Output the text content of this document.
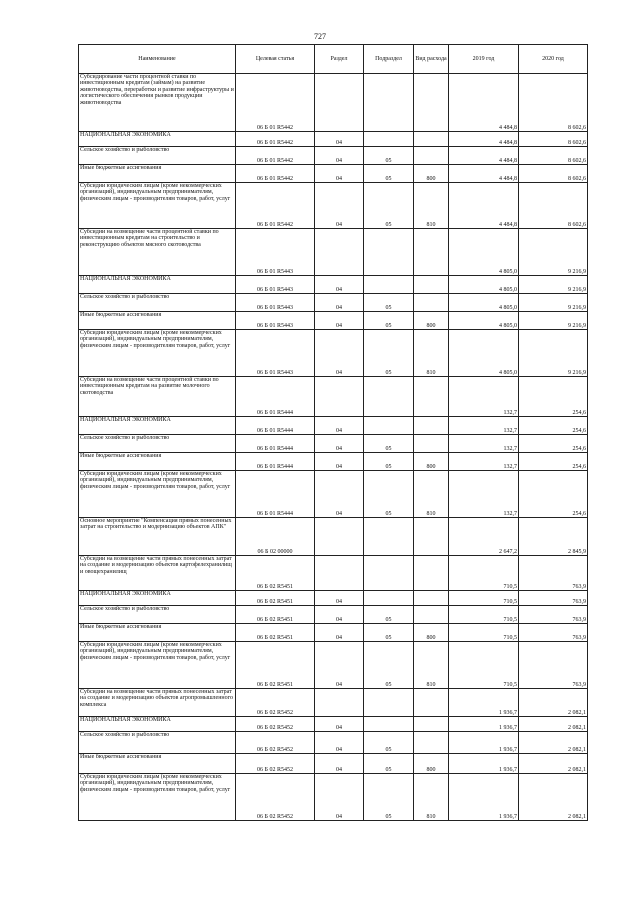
727
Наименование	Целевая статья	Раздел	Подраздел	Вид расхода	2019 год	2020 год
Субсидирование части процентной ставки по инвестиционным кредитам (займам) на развитие животноводства, переработки и развитие инфраструктуры и логистического обеспечения рынков продукции животноводства	06 Б 01 R5442				4 484,8	8 602,6
НАЦИОНАЛЬНАЯ ЭКОНОМИКА	06 Б 01 R5442	04			4 484,8	8 602,6
Сельское хозяйство и рыболовство	06 Б 01 R5442	04	05		4 484,8	8 602,6
Иные бюджетные ассигнования	06 Б 01 R5442	04	05	800	4 484,8	8 602,6
Субсидии юридическим лицам (кроме некоммерческих организаций), индивидуальным предпринимателям, физическим лицам - производителям товаров, работ, услуг	06 Б 01 R5442	04	05	810	4 484,8	8 602,6
Субсидии на возмещение части процентной ставки по инвестиционным кредитам на строительство и реконструкцию объектов мясного скотоводства	06 Б 01 R5443				4 805,0	9 216,9
НАЦИОНАЛЬНАЯ ЭКОНОМИКА	06 Б 01 R5443	04			4 805,0	9 216,9
Сельское хозяйство и рыболовство	06 Б 01 R5443	04	05		4 805,0	9 216,9
Иные бюджетные ассигнования	06 Б 01 R5443	04	05	800	4 805,0	9 216,9
Субсидии юридическим лицам (кроме некоммерческих организаций), индивидуальным предпринимателям, физическим лицам - производителям товаров, работ, услуг	06 Б 01 R5443	04	05	810	4 805,0	9 216,9
Субсидии на возмещение части процентной ставки по инвестиционным кредитам на развитие молочного скотоводства	06 Б 01 R5444				132,7	254,6
НАЦИОНАЛЬНАЯ ЭКОНОМИКА	06 Б 01 R5444	04			132,7	254,6
Сельское хозяйство и рыболовство	06 Б 01 R5444	04	05		132,7	254,6
Иные бюджетные ассигнования	06 Б 01 R5444	04	05	800	132,7	254,6
Субсидии юридическим лицам (кроме некоммерческих организаций), индивидуальным предпринимателям, физическим лицам - производителям товаров, работ, услуг	06 Б 01 R5444	04	05	810	132,7	254,6
Основное мероприятие "Компенсация прямых понесенных затрат на строительство и модернизацию объектов АПК"	06 Б 02 00000				2 647,2	2 845,9
Субсидии на возмещение части прямых понесенных затрат на создание и модернизацию объектов картофелехранилищ и овощехранилищ	06 Б 02 R5451				710,5	763,9
НАЦИОНАЛЬНАЯ ЭКОНОМИКА	06 Б 02 R5451	04			710,5	763,9
Сельское хозяйство и рыболовство	06 Б 02 R5451	04	05		710,5	763,9
Иные бюджетные ассигнования	06 Б 02 R5451	04	05	800	710,5	763,9
Субсидии юридическим лицам (кроме некоммерческих организаций), индивидуальным предпринимателям, физическим лицам - производителям товаров, работ, услуг	06 Б 02 R5451	04	05	810	710,5	763,9
Субсидии на возмещение части прямых понесенных затрат на создание и модернизацию объектов агропромышленного комплекса	06 Б 02 R5452				1 936,7	2 082,1
НАЦИОНАЛЬНАЯ ЭКОНОМИКА	06 Б 02 R5452	04			1 936,7	2 082,1
Сельское хозяйство и рыболовство	06 Б 02 R5452	04	05		1 936,7	2 082,1
Иные бюджетные ассигнования	06 Б 02 R5452	04	05	800	1 936,7	2 082,1
Субсидии юридическим лицам (кроме некоммерческих организаций), индивидуальным предпринимателям, физическим лицам - производителям товаров, работ, услуг	06 Б 02 R5452	04	05	810	1 936,7	2 082,1
